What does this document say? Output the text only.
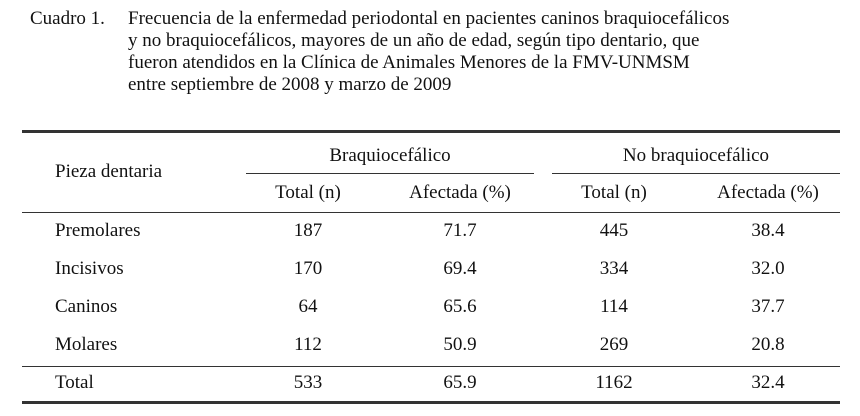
Cuadro 1. Frecuencia de la enfermedad periodontal en pacientes caninos braquiocefálicos
y no braquiocefálicos, mayores de un año de edad, según tipo dentario, que
fueron atendidos en la Clínica de Animales Menores de la FMV-UNMSM
entre septiembre de 2008 y marzo de 2009
Pieza dentaria
Braquiocefálico	No braquiocefálico
Total (n)	Afectada (%)	Total (n)	Afectada (%)
Premolares	187	71.7	445	38.4
Incisivos	170	69.4	334	32.0
Caninos	64	65.6	114	37.7
Molares	112	50.9	269	20.8
Total	533	65.9	1162	32.4
